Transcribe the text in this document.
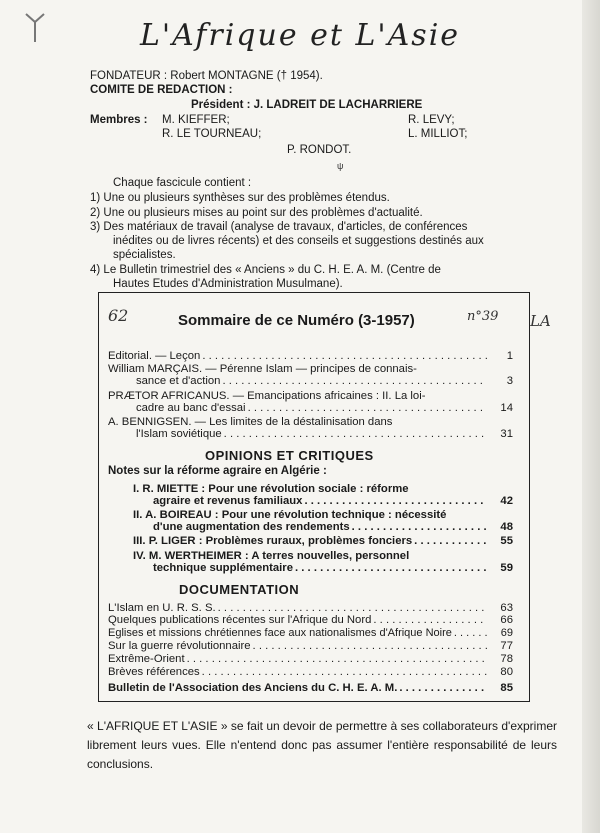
L'Afrique et L'Asie
FONDATEUR : Robert MONTAGNE († 1954).
COMITE DE REDACTION :
Président : J. LADREIT DE LACHARRIERE
Membres : M. KIEFFER;	R. LEVY;
R. LE TOURNEAU;	L. MILLIOT;
P. RONDOT.
ψ
Chaque fascicule contient :
1) Une ou plusieurs synthèses sur des problèmes étendus.
2) Une ou plusieurs mises au point sur des problèmes d'actualité.
3) Des matériaux de travail (analyse de travaux, d'articles, de conférences
inédites ou de livres récents) et des conseils et suggestions destinés aux
spécialistes.
4) Le Bulletin trimestriel des « Anciens » du C. H. E. A. M. (Centre de
Hautes Etudes d'Administration Musulmane).
62	Sommaire de ce Numéro (3-1957)	n°39 LA
Editorial. — Leçon . . .	1
William MARÇAIS. — Pérenne Islam — principes de connais-
sance et d'action . . .	3
PRÆTOR AFRICANUS. — Emancipations africaines : II. La loi-
cadre au banc d'essai . . .	14
A. BENNIGSEN. — Les limites de la déstalinisation dans
l'Islam soviétique . . .	31
OPINIONS ET CRITIQUES
Notes sur la réforme agraire en Algérie :
I. R. MIETTE : Pour une révolution sociale : réforme
agraire et revenus familiaux . . .	42
II. A. BOIREAU : Pour une révolution technique : nécessité
d'une augmentation des rendements . . .	48
III. P. LIGER : Problèmes ruraux, problèmes fonciers . . .	55
IV. M. WERTHEIMER : A terres nouvelles, personnel
technique supplémentaire . . .	59
DOCUMENTATION
L'Islam en U. R. S. S. . . .	63
Quelques publications récentes sur l'Afrique du Nord . . .	66
Eglises et missions chrétiennes face aux nationalismes d'Afrique Noire . . .	69
Sur la guerre révolutionnaire . . .	77
Extrême-Orient . . .	78
Brèves références . . .	80
Bulletin de l'Association des Anciens du C. H. E. A. M. . . .	85
« L'AFRIQUE ET L'ASIE » se fait un devoir de permettre à ses collaborateurs d'exprimer librement leurs vues. Elle n'entend donc pas assumer l'entière responsabilité de leurs conclusions.
